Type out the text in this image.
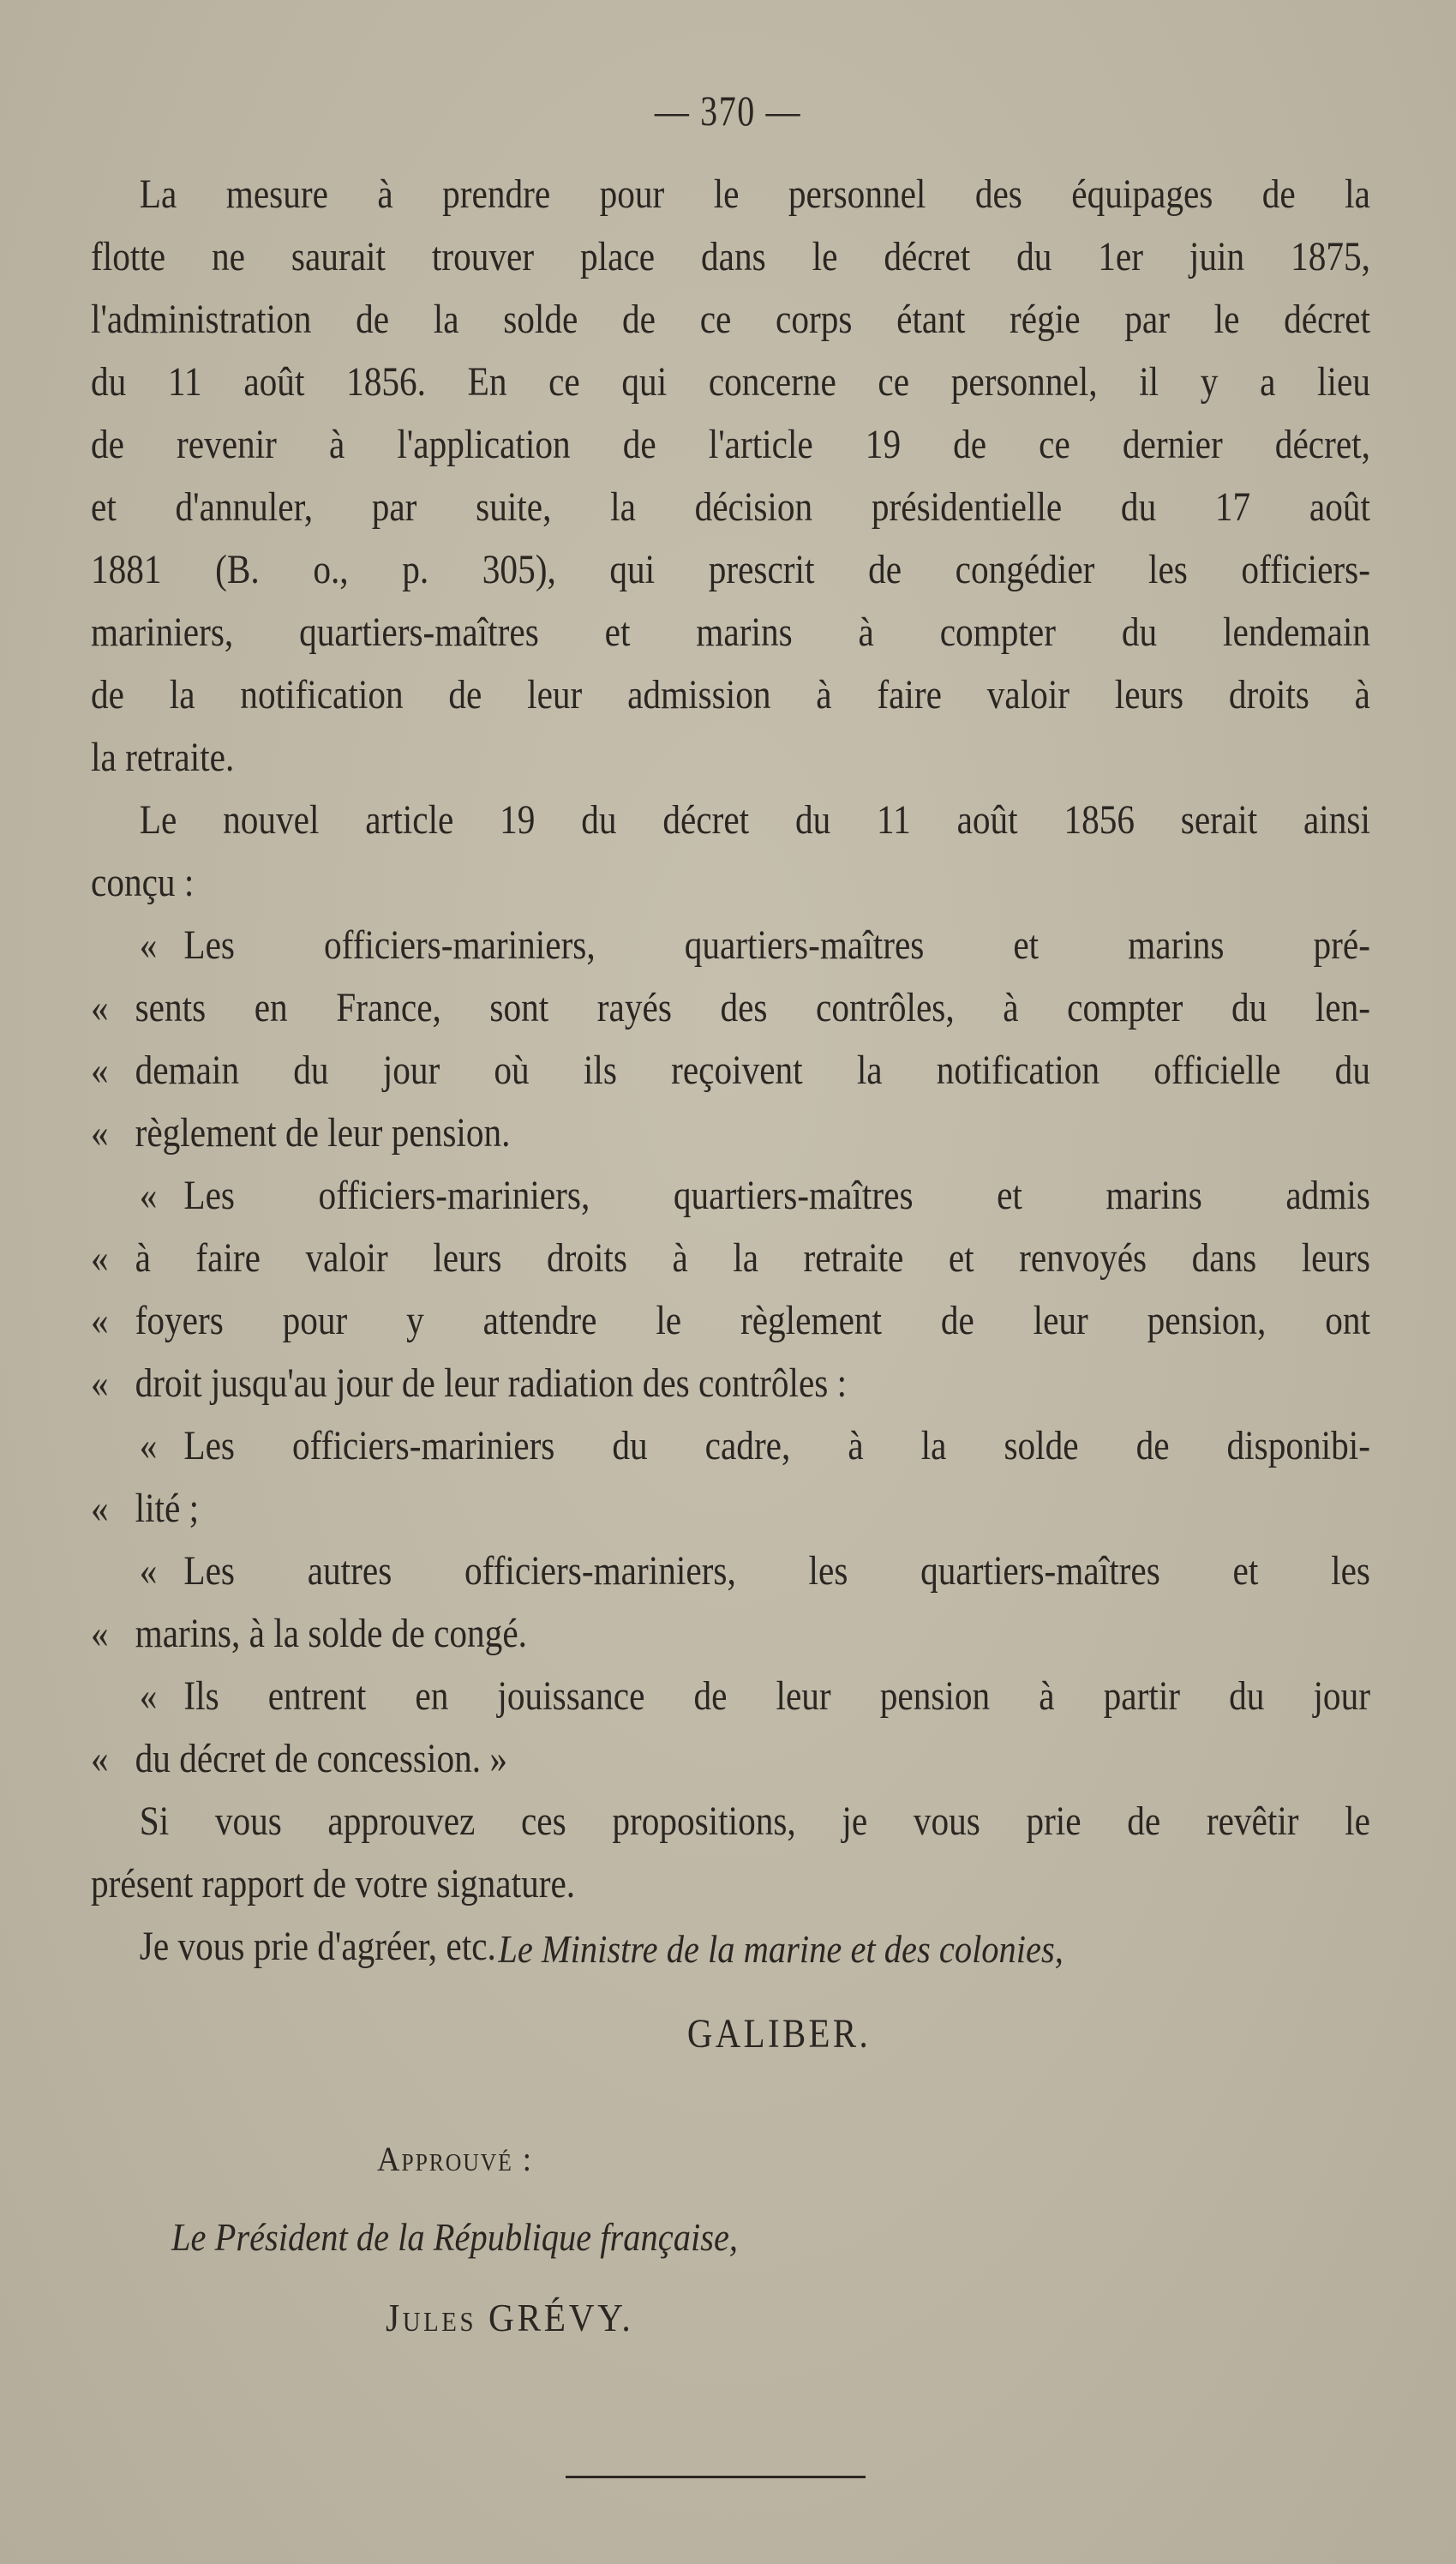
— 370 —
La mesure à prendre pour le personnel des équipages de la
flotte ne saurait trouver place dans le décret du 1er juin 1875,
l'administration de la solde de ce corps étant régie par le décret
du 11 août 1856. En ce qui concerne ce personnel, il y a lieu
de revenir à l'application de l'article 19 de ce dernier décret,
et d'annuler, par suite, la décision présidentielle du 17 août
1881 (B. o., p. 305), qui prescrit de congédier les officiers-
mariniers, quartiers-maîtres et marins à compter du lendemain
de la notification de leur admission à faire valoir leurs droits à
la retraite.
Le nouvel article 19 du décret du 11 août 1856 serait ainsi
conçu :
« Les officiers-mariniers, quartiers-maîtres et marins pré-
« sents en France, sont rayés des contrôles, à compter du len-
« demain du jour où ils reçoivent la notification officielle du
« règlement de leur pension.
« Les officiers-mariniers, quartiers-maîtres et marins admis
« à faire valoir leurs droits à la retraite et renvoyés dans leurs
« foyers pour y attendre le règlement de leur pension, ont
« droit jusqu'au jour de leur radiation des contrôles :
« Les officiers-mariniers du cadre, à la solde de disponibi-
« lité ;
« Les autres officiers-mariniers, les quartiers-maîtres et les
« marins, à la solde de congé.
« Ils entrent en jouissance de leur pension à partir du jour
« du décret de concession. »
Si vous approuvez ces propositions, je vous prie de revêtir le
présent rapport de votre signature.
Je vous prie d'agréer, etc. Le Ministre de la marine et des colonies,
GALIBER.
Approuvé :
Le Président de la République française,
Jules GRÉVY.
